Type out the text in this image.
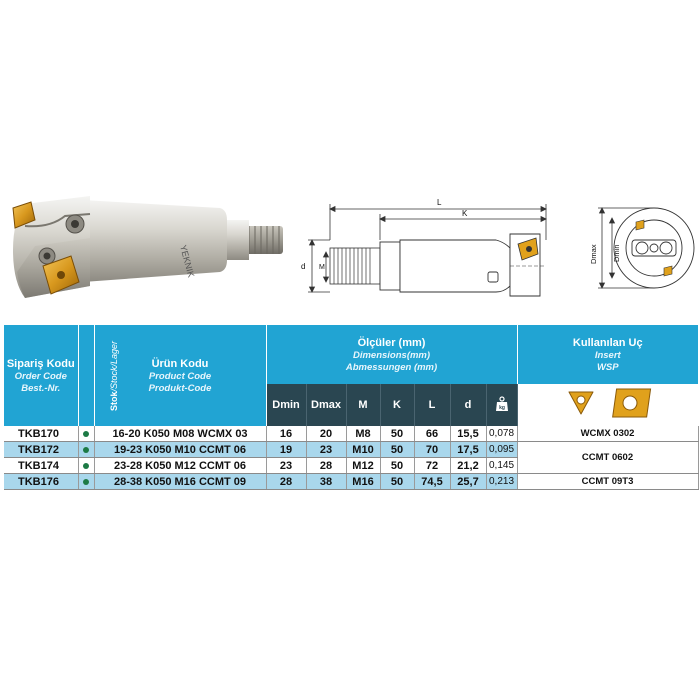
YEKNIK
L
K
d M
Dmax Dmin
Sipariş Kodu
Order Code
Best.-Nr.	Stok/Stock/Lager	Ürün Kodu
Product Code
Produkt-Code	Ölçüler (mm)
Dimensions(mm)
Abmessungen (mm)							Kullanılan Uç
Insert
WSP

			Dmin	Dmax	M	K	L	d	kg

TKB170		16-20 K050 M08 WCMX 03	16	20	M8	50	66	15,5	0,078	WCMX 0302
TKB172		19-23 K050 M10 CCMT 06	19	23	M10	50	70	17,5	0,095	CCMT 0602
TKB174		23-28 K050 M12 CCMT 06	23	28	M12	50	72	21,2	0,145	
TKB176		28-38 K050 M16 CCMT 09	28	38	M16	50	74,5	25,7	0,213	CCMT 09T3
